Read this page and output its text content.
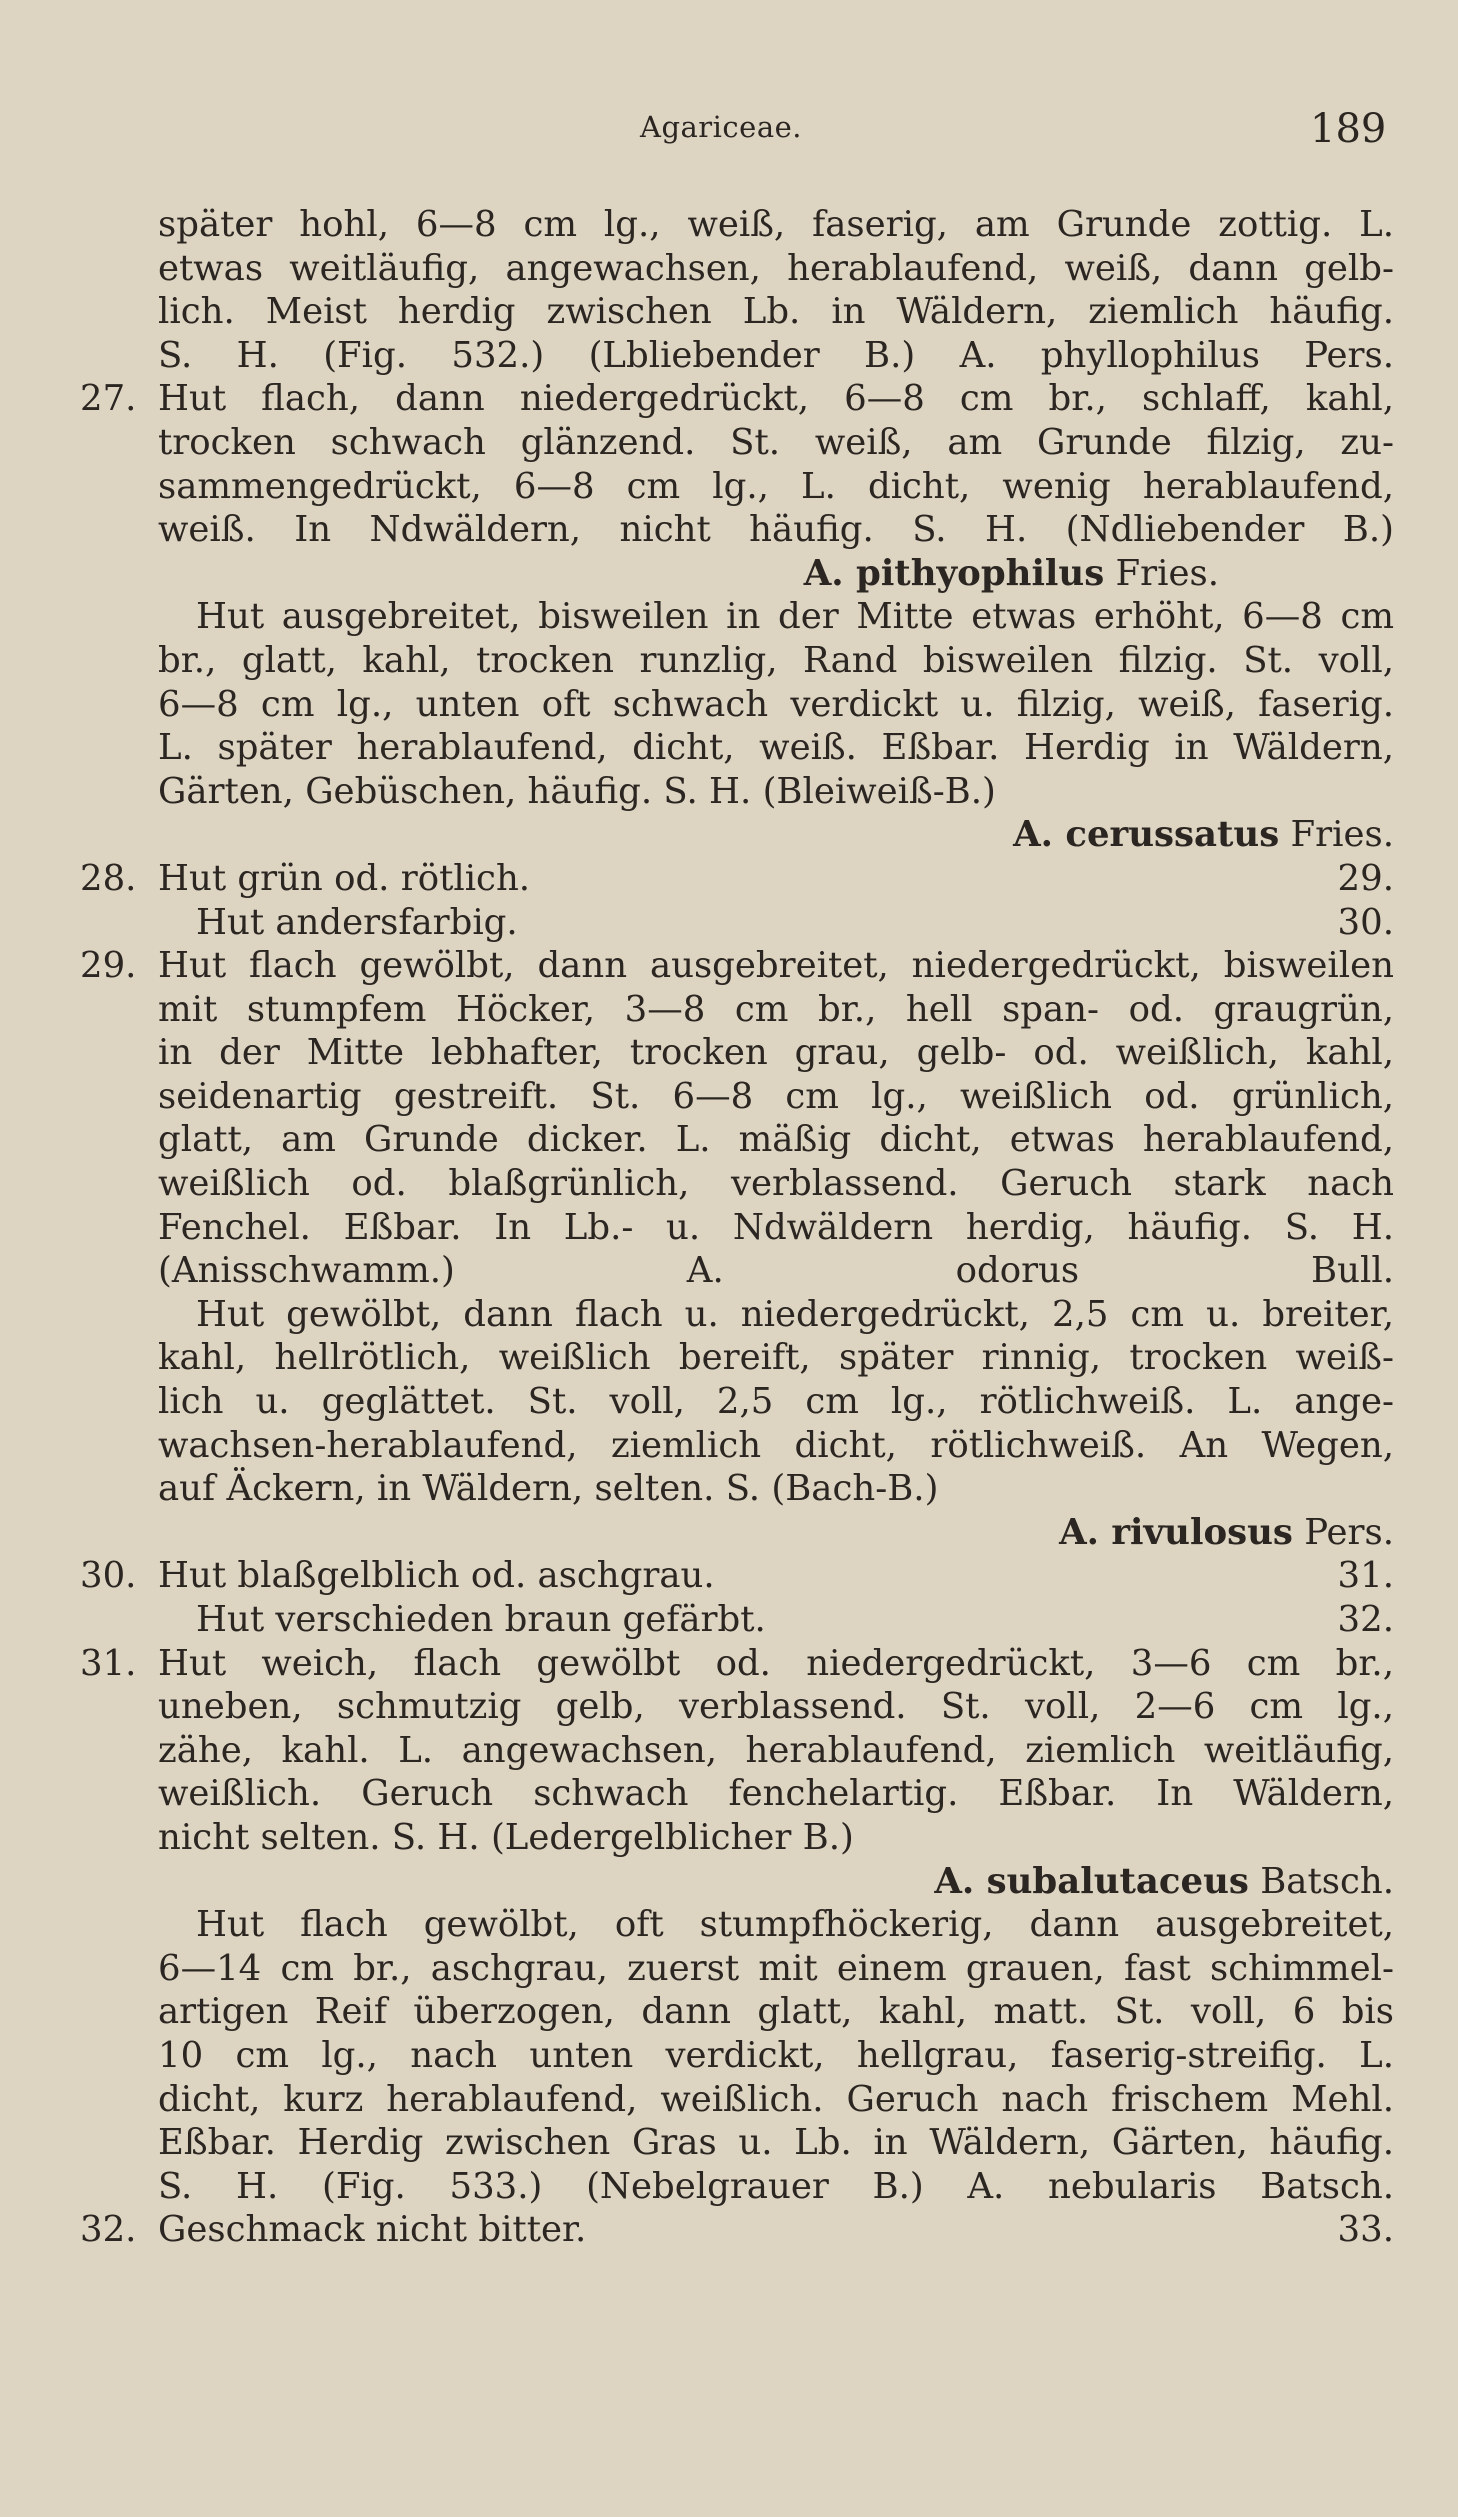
Agariceae.	189
später hohl, 6—8 cm lg., weiß, faserig, am Grunde zottig. L.
etwas weitläufig, angewachsen, herablaufend, weiß, dann gelb-
lich. Meist herdig zwischen Lb. in Wäldern, ziemlich häufig.
S. H. (Fig. 532.) (Lbliebender B.) A. phyllophilus Pers.
27. Hut flach, dann niedergedrückt, 6—8 cm br., schlaff, kahl,
trocken schwach glänzend. St. weiß, am Grunde filzig, zu-
sammengedrückt, 6—8 cm lg., L. dicht, wenig herablaufend,
weiß. In Ndwäldern, nicht häufig. S. H. (Ndliebender B.)
A. pithyophilus Fries.
Hut ausgebreitet, bisweilen in der Mitte etwas erhöht, 6—8 cm
br., glatt, kahl, trocken runzlig, Rand bisweilen filzig. St. voll,
6—8 cm lg., unten oft schwach verdickt u. filzig, weiß, faserig.
L. später herablaufend, dicht, weiß. Eßbar. Herdig in Wäldern,
Gärten, Gebüschen, häufig. S. H. (Bleiweiß-B.)
A. cerussatus Fries.
28. Hut grün od. rötlich.	29.
Hut andersfarbig.	30.
29. Hut flach gewölbt, dann ausgebreitet, niedergedrückt, bisweilen
mit stumpfem Höcker, 3—8 cm br., hell span- od. graugrün,
in der Mitte lebhafter, trocken grau, gelb- od. weißlich, kahl,
seidenartig gestreift. St. 6—8 cm lg., weißlich od. grünlich,
glatt, am Grunde dicker. L. mäßig dicht, etwas herablaufend,
weißlich od. blaßgrünlich, verblassend. Geruch stark nach
Fenchel. Eßbar. In Lb.- u. Ndwäldern herdig, häufig. S. H.
(Anisschwamm.) A. odorus Bull.
Hut gewölbt, dann flach u. niedergedrückt, 2,5 cm u. breiter,
kahl, hellrötlich, weißlich bereift, später rinnig, trocken weiß-
lich u. geglättet. St. voll, 2,5 cm lg., rötlichweiß. L. ange-
wachsen-herablaufend, ziemlich dicht, rötlichweiß. An Wegen,
auf Äckern, in Wäldern, selten. S. (Bach-B.)
A. rivulosus Pers.
30. Hut blaßgelblich od. aschgrau.	31.
Hut verschieden braun gefärbt.	32.
31. Hut weich, flach gewölbt od. niedergedrückt, 3—6 cm br.,
uneben, schmutzig gelb, verblassend. St. voll, 2—6 cm lg.,
zähe, kahl. L. angewachsen, herablaufend, ziemlich weitläufig,
weißlich. Geruch schwach fenchelartig. Eßbar. In Wäldern,
nicht selten. S. H. (Ledergelblicher B.)
A. subalutaceus Batsch.
Hut flach gewölbt, oft stumpfhöckerig, dann ausgebreitet,
6—14 cm br., aschgrau, zuerst mit einem grauen, fast schimmel-
artigen Reif überzogen, dann glatt, kahl, matt. St. voll, 6 bis
10 cm lg., nach unten verdickt, hellgrau, faserig-streifig. L.
dicht, kurz herablaufend, weißlich. Geruch nach frischem Mehl.
Eßbar. Herdig zwischen Gras u. Lb. in Wäldern, Gärten, häufig.
S. H. (Fig. 533.) (Nebelgrauer B.) A. nebularis Batsch.
32. Geschmack nicht bitter.	33.
